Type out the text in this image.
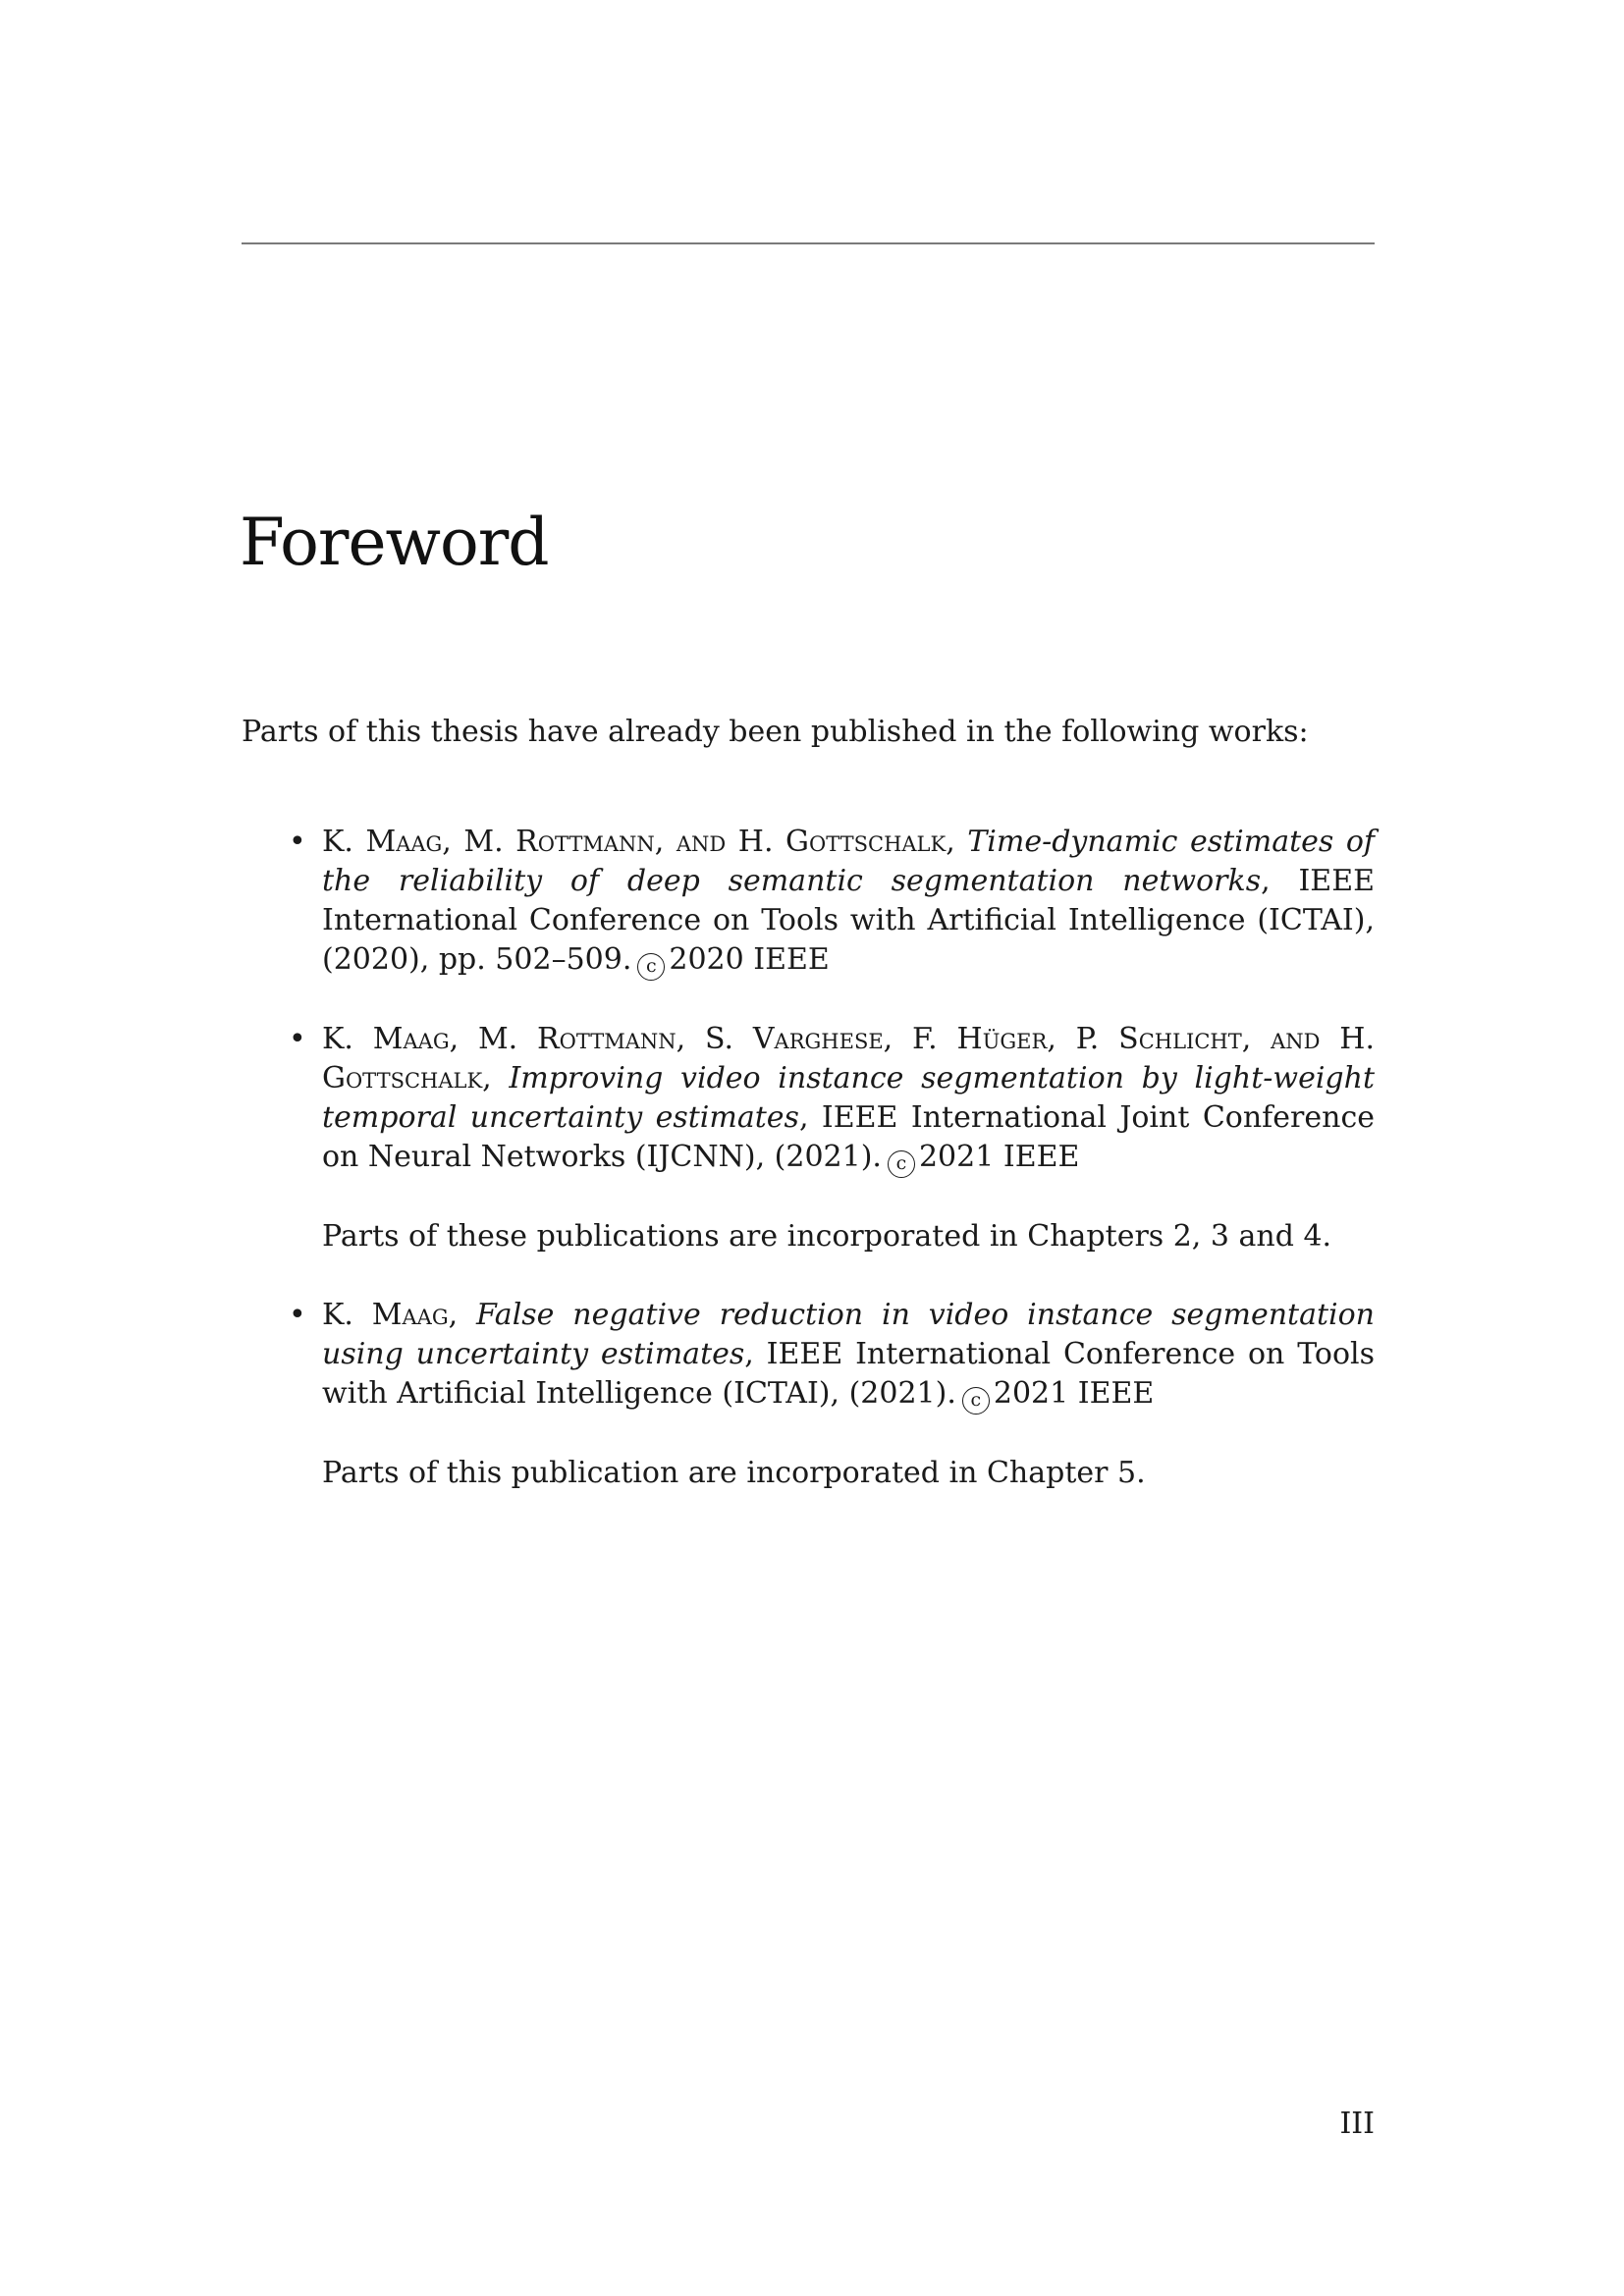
Foreword

Parts of this thesis have already been published in the following works:

• K. Maag, M. Rottmann, and H. Gottschalk, Time-dynamic estimates of the reliability of deep semantic segmentation networks, IEEE International Conference on Tools with Artificial Intelligence (ICTAI), (2020), pp. 502–509. c 2020 IEEE
• K. Maag, M. Rottmann, S. Varghese, F. Hüger, P. Schlicht, and H. Gottschalk, Improving video instance segmentation by light-weight temporal uncertainty estimates, IEEE International Joint Conference on Neural Networks (IJCNN), (2021). c 2021 IEEE

Parts of these publications are incorporated in Chapters 2, 3 and 4.

• K. Maag, False negative reduction in video instance segmentation using uncertainty estimates, IEEE International Conference on Tools with Artificial Intelligence (ICTAI), (2021). c 2021 IEEE

Parts of this publication are incorporated in Chapter 5.

III
